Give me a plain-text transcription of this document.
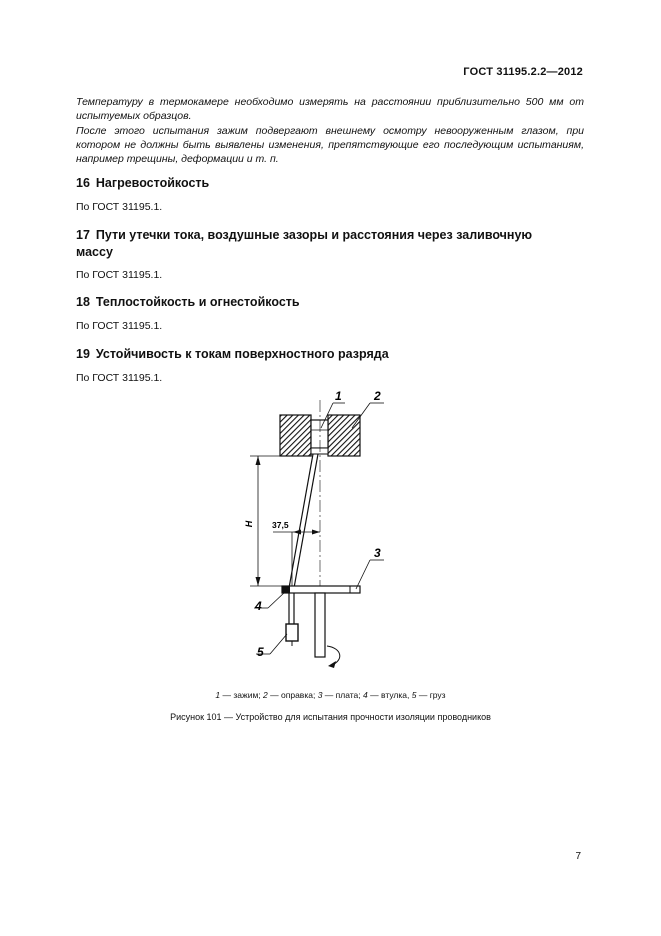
ГОСТ 31195.2.2—2012
Температуру в термокамере необходимо измерять на расстоянии приблизительно 500 мм от испытуемых образцов.
После этого испытания зажим подвергают внешнему осмотру невооруженным глазом, при котором не должны быть выявлены изменения, препятствующие его последующим испытаниям, например трещины, деформации и т. п.
16 Нагревостойкость
По ГОСТ 31195.1.
17 Пути утечки тока, воздушные зазоры и расстояния через заливочную массу
По ГОСТ 31195.1.
18 Теплостойкость и огнестойкость
По ГОСТ 31195.1.
19 Устойчивость к токам поверхностного разряда
По ГОСТ 31195.1.
H 37,5
1	2
3
4
5
1 — зажим; 2 — оправка; 3 — плата; 4 — втулка, 5 — груз
Рисунок 101 — Устройство для испытания прочности изоляции проводников
7
